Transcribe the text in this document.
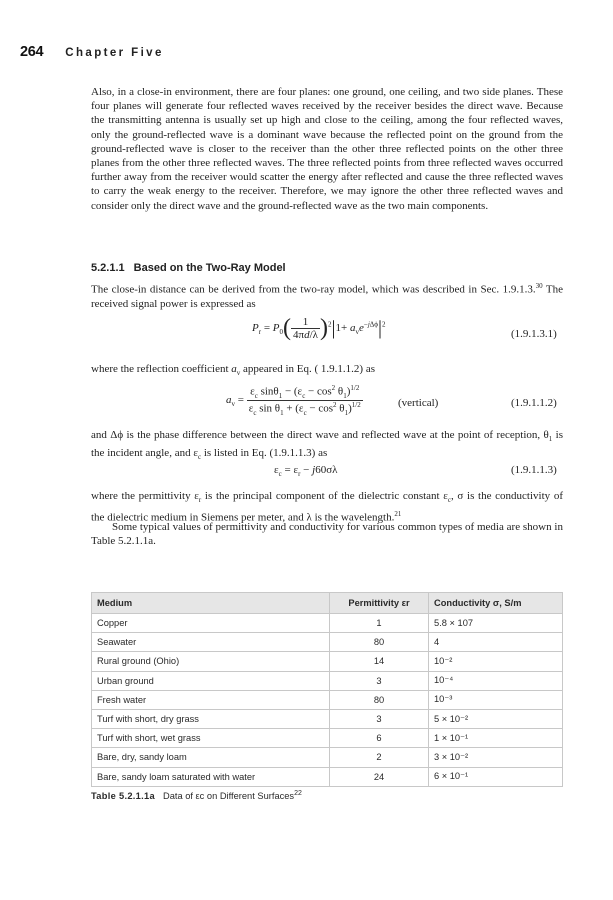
264 Chapter Five
Also, in a close-in environment, there are four planes: one ground, one ceiling, and two side planes. These four planes will generate four reflected waves received by the receiver besides the direct wave. Because the transmitting antenna is usually set up high and close to the ceiling, among the four reflected waves, only the ground-reflected wave is a dominant wave because the reflected point on the ground from the ground-reflected wave is closer to the receiver than the other three reflected points on the other three planes from the other three reflected waves. The three reflected points from three reflected waves occurred further away from the receiver would scatter the energy after reflected and cause the three reflected waves to carry the weak energy to the receiver. Therefore, we may ignore the other three reflected waves and consider only the direct wave and the ground-reflected wave as the two main components.
5.2.1.1 Based on the Two-Ray Model
The close-in distance can be derived from the two-ray model, which was described in Sec. 1.9.1.3.30 The received signal power is expressed as
$P_r = P_0( \frac{1}{4\pi d/\lambda} )^2|1+ a_ve^{-j\Delta\phi}|^2$
(1.9.1.3.1)
where the reflection coefficient $a_v$ appeared in Eq. ( 1.9.1.1.2) as
$a_v = \frac{\varepsilon_c \sin\theta_1 - (\varepsilon_c - \cos^2 \theta_1)^{1/2}}{\varepsilon_c \sin \theta_1 + (\varepsilon_c - \cos^2 \theta_1)^{1/2}}$	(vertical)	(1.9.1.1.2)
and Δϕ is the phase difference between the direct wave and reflected wave at the point of reception, $\theta_1$ is the incident angle, and $\varepsilon_c$ is listed in Eq. (1.9.1.1.3) as
$\varepsilon_c = \varepsilon_r - j60\sigma\lambda$	(1.9.1.1.3)
where the permittivity $\varepsilon_r$ is the principal component of the dielectric constant $\varepsilon_c$, σ is the conductivity of the dielectric medium in Siemens per meter, and λ is the wavelength.$^{21}$
Some typical values of permittivity and conductivity for various common types of media are shown in Table 5.2.1.1a.
Medium	Permittivity εr	Conductivity σ, S/m
Copper	1	5.8 × 107
Seawater	80	4
Rural ground (Ohio)	14	10⁻²
Urban ground	3	10⁻⁴
Fresh water	80	10⁻³
Turf with short, dry grass	3	5 × 10⁻²
Turf with short, wet grass	6	1 × 10⁻¹
Bare, dry, sandy loam	2	3 × 10⁻²
Bare, sandy loam saturated with water	24	6 × 10⁻¹
Table 5.2.1.1a Data of εc on Different Surfaces$^{22}$
